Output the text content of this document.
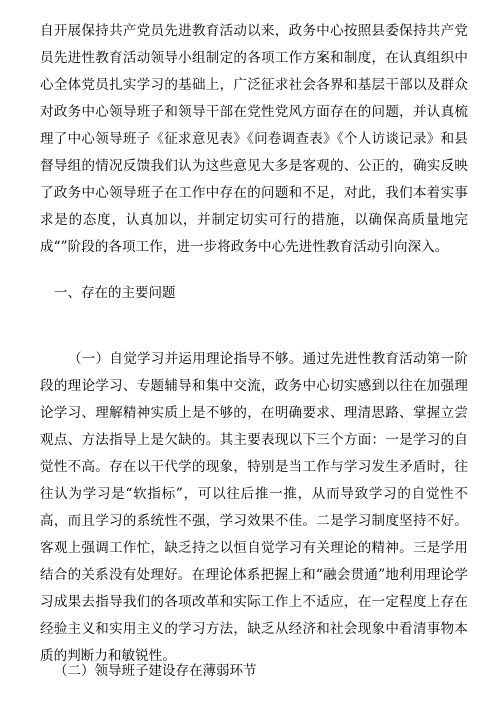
自开展保持共产党员先进教育活动以来，政务中心按照县委保持共产党员先进性教育活动领导小组制定的各项工作方案和制度，在认真组织中心全体党员扎实学习的基础上，广泛征求社会各界和基层干部以及群众对政务中心领导班子和领导干部在党性党风方面存在的问题，并认真梳理了中心领导班子《征求意见表》《问卷调查表》《个人访谈记录》和县督导组的情况反馈我们认为这些意见大多是客观的、公正的，确实反映了政务中心领导班子在工作中存在的问题和不足，对此，我们本着实事求是的态度，认真加以，并制定切实可行的措施，以确保高质量地完成“”阶段的各项工作，进一步将政务中心先进性教育活动引向深入。

一、存在的主要问题

（一）自觉学习并运用理论指导不够。通过先进性教育活动第一阶段的理论学习、专题辅导和集中交流，政务中心切实感到以往在加强理论学习、理解精神实质上是不够的，在明确要求、理清思路、掌握立尝观点、方法指导上是欠缺的。其主要表现以下三个方面：一是学习的自觉性不高。存在以干代学的现象，特别是当工作与学习发生矛盾时，往往认为学习是“软指标”，可以往后推一推，从而导致学习的自觉性不高，而且学习的系统性不强，学习效果不佳。二是学习制度坚持不好。客观上强调工作忙，缺乏持之以恒自觉学习有关理论的精神。三是学用结合的关系没有处理好。在理论体系把握上和“融会贯通”地利用理论学习成果去指导我们的各项改革和实际工作上不适应，在一定程度上存在经验主义和实用主义的学习方法，缺乏从经济和社会现象中看清事物本质的判断力和敏锐性。

（二）领导班子建设存在薄弱环节
